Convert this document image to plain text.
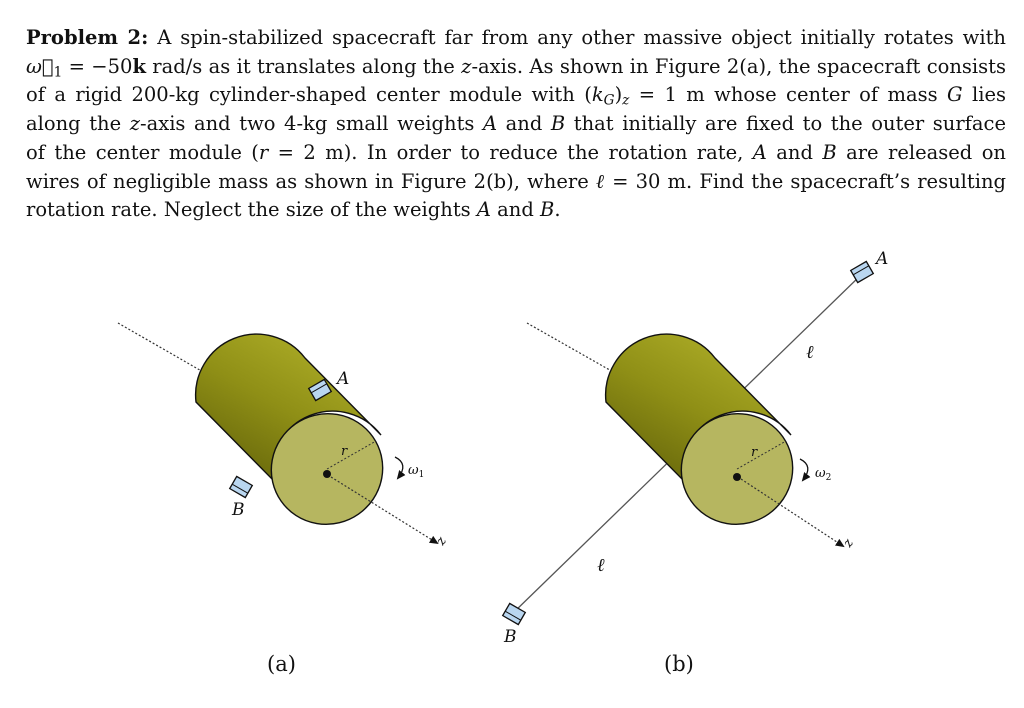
Problem 2: A spin-stabilized spacecraft far from any other massive object initially rotates with
$\omega⃗_1 = -50k$ rad/s as it translates along the z-axis. As shown in Figure 2(a), the spacecraft consists
of a rigid 200-kg cylinder-shaped center module with $(k_G)_z = 1$ m whose center of mass G lies
along the z-axis and two 4-kg small weights A and B that initially are fixed to the outer surface
of the center module (r = 2 m). In order to reduce the rotation rate, A and B are released on
wires of negligible mass as shown in Figure 2(b), where ℓ = 30 m. Find the spacecraft’s resulting
rotation rate. Neglect the size of the weights A and B.
r
z
$\omega_1$
A
B
(a)
r
z
$\omega_2$
ℓ
ℓ
A
B
(b)
